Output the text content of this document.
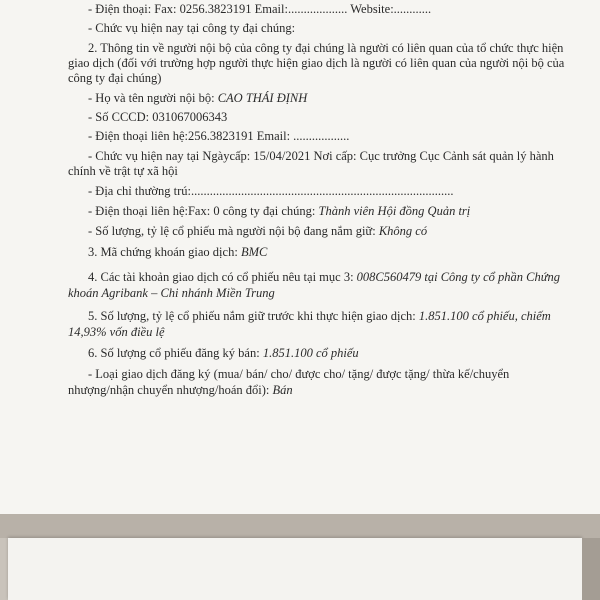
- Điện thoại: Fax: 0256.3823191 Email:................... Website:............

- Chức vụ hiện nay tại công ty đại chúng:

2. Thông tin về người nội bộ của công ty đại chúng là người có liên quan của tổ chức thực hiện

giao dịch (đối với trường hợp người thực hiện giao dịch là người có liên quan của người nội bộ của

công ty đại chúng)

- Họ và tên người nội bộ: CAO THÁI ĐỊNH

- Số CCCD: 031067006343

- Điện thoại liên hệ:256.3823191 Email: ..................

- Chức vụ hiện nay tại Ngàycấp: 15/04/2021 Nơi cấp: Cục trưởng Cục Cảnh sát quản lý hành

chính về trật tự xã hội

- Địa chỉ thường trú:....................................................................................

- Điện thoại liên hệ:Fax: 0 công ty đại chúng: Thành viên Hội đồng Quản trị

- Số lượng, tỷ lệ cổ phiếu mà người nội bộ đang nắm giữ: Không có

3. Mã chứng khoán giao dịch: BMC

4. Các tài khoản giao dịch có cổ phiếu nêu tại mục 3: 008C560479 tại Công ty cổ phần Chứng

khoán Agribank – Chi nhánh Miền Trung

5. Số lượng, tỷ lệ cổ phiếu nắm giữ trước khi thực hiện giao dịch: 1.851.100 cổ phiếu, chiếm

14,93% vốn điều lệ

6. Số lượng cổ phiếu đăng ký bán: 1.851.100 cổ phiếu

- Loại giao dịch đăng ký (mua/ bán/ cho/ được cho/ tặng/ được tặng/ thừa kế/chuyển

nhượng/nhận chuyển nhượng/hoán đổi): Bán
